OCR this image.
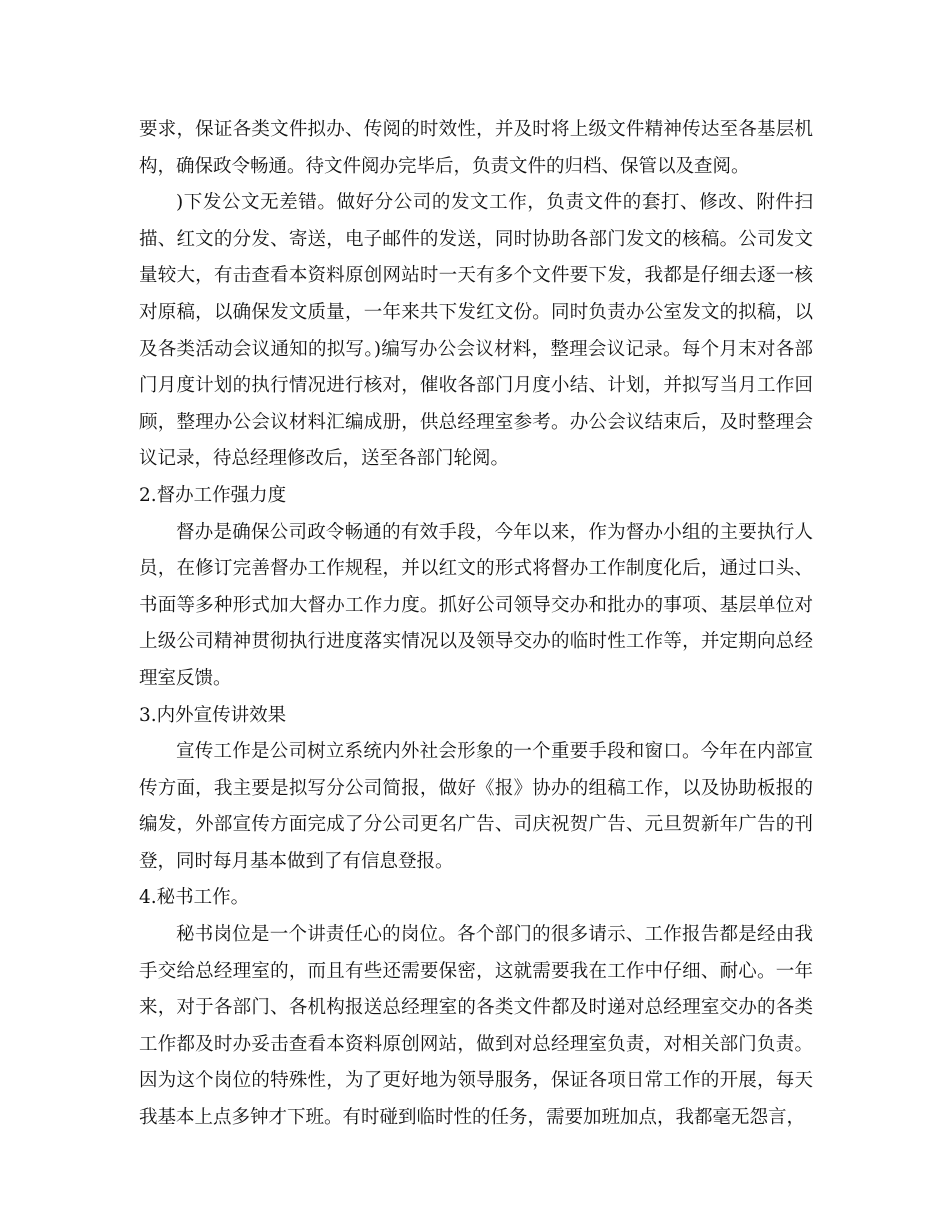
要求，保证各类文件拟办、传阅的时效性，并及时将上级文件精神传达至各基层机构，确保政令畅通。待文件阅办完毕后，负责文件的归档、保管以及查阅。

)下发公文无差错。做好分公司的发文工作，负责文件的套打、修改、附件扫描、红文的分发、寄送，电子邮件的发送，同时协助各部门发文的核稿。公司发文量较大，有击查看本资料原创网站时一天有多个文件要下发，我都是仔细去逐一核对原稿，以确保发文质量，一年来共下发红文份。同时负责办公室发文的拟稿，以及各类活动会议通知的拟写。)编写办公会议材料，整理会议记录。每个月末对各部门月度计划的执行情况进行核对，催收各部门月度小结、计划，并拟写当月工作回顾，整理办公会议材料汇编成册，供总经理室参考。办公会议结束后，及时整理会议记录，待总经理修改后，送至各部门轮阅。

2.督办工作强力度

督办是确保公司政令畅通的有效手段，今年以来，作为督办小组的主要执行人员，在修订完善督办工作规程，并以红文的形式将督办工作制度化后，通过口头、书面等多种形式加大督办工作力度。抓好公司领导交办和批办的事项、基层单位对上级公司精神贯彻执行进度落实情况以及领导交办的临时性工作等，并定期向总经理室反馈。

3.内外宣传讲效果

宣传工作是公司树立系统内外社会形象的一个重要手段和窗口。今年在内部宣传方面，我主要是拟写分公司简报，做好《报》协办的组稿工作，以及协助板报的编发，外部宣传方面完成了分公司更名广告、司庆祝贺广告、元旦贺新年广告的刊登，同时每月基本做到了有信息登报。

4.秘书工作。

秘书岗位是一个讲责任心的岗位。各个部门的很多请示、工作报告都是经由我手交给总经理室的，而且有些还需要保密，这就需要我在工作中仔细、耐心。一年来，对于各部门、各机构报送总经理室的各类文件都及时递对总经理室交办的各类工作都及时办妥击查看本资料原创网站，做到对总经理室负责，对相关部门负责。因为这个岗位的特殊性，为了更好地为领导服务，保证各项日常工作的开展，每天我基本上点多钟才下班。有时碰到临时性的任务，需要加班加点，我都毫无怨言，
